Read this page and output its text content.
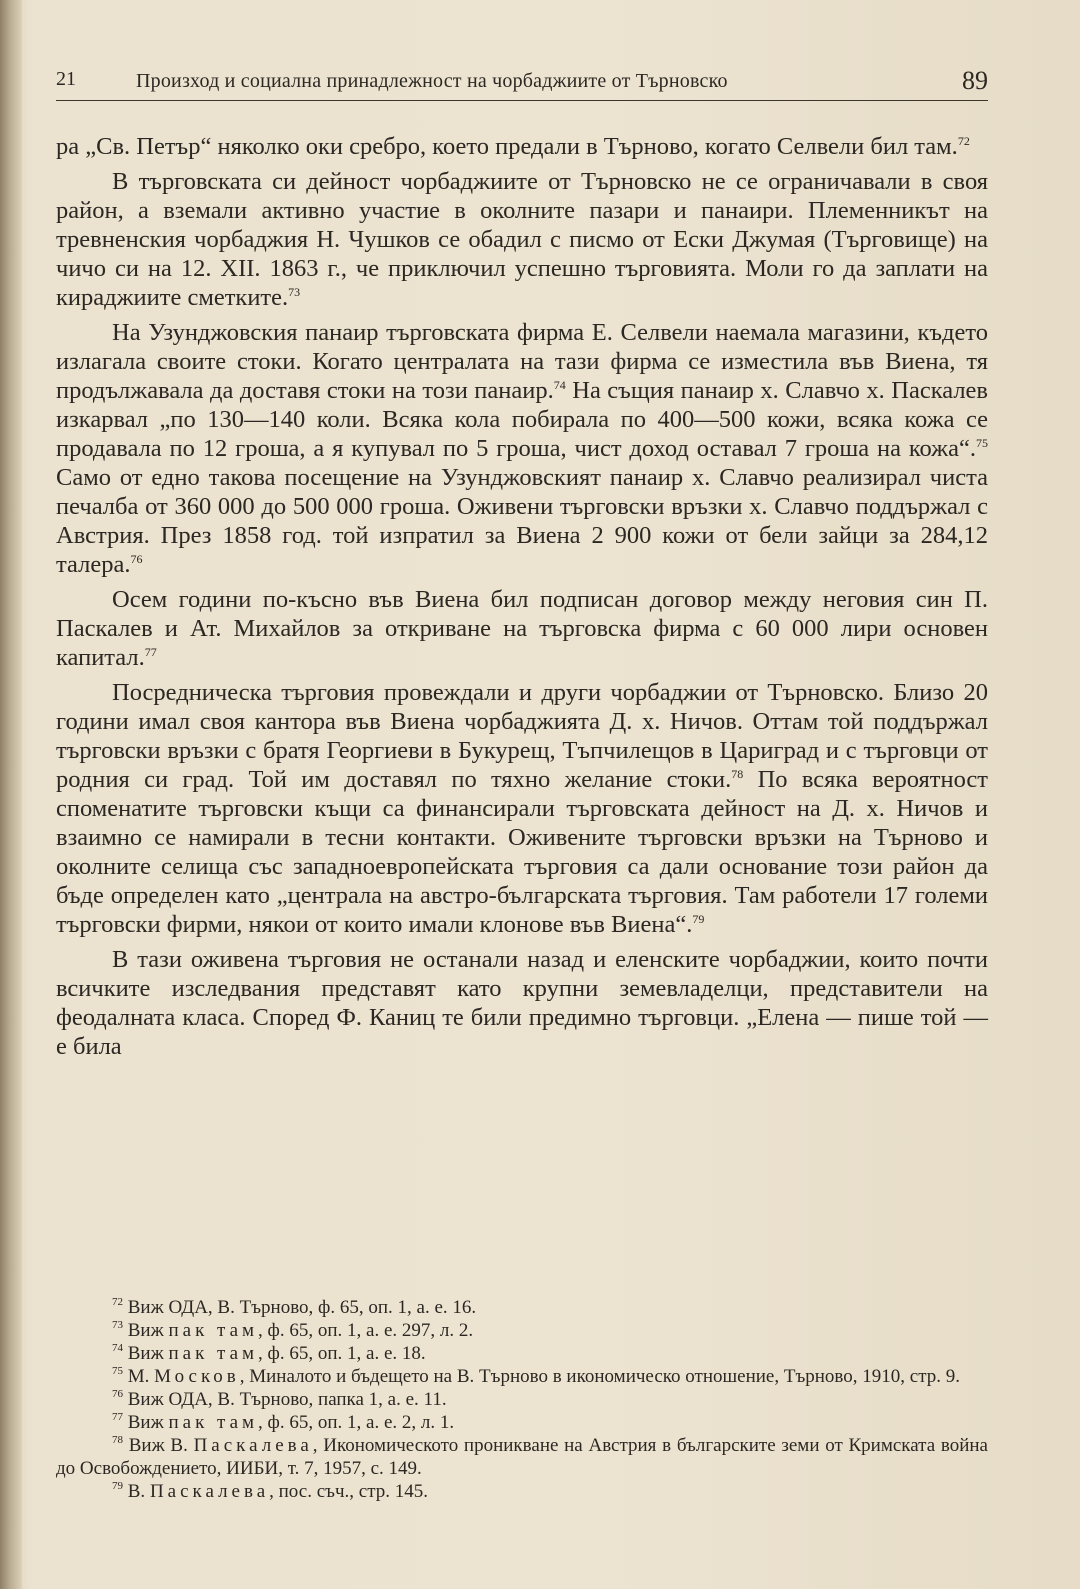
21	Произход и социална принадлежност на чорбаджиите от Търновско	89

ра „Св. Петър“ няколко оки сребро, което предали в Търново, когато Селвели бил там.$^{72}$

В търговската си дейност чорбаджиите от Търновско не се ограничавали в своя район, а вземали активно участие в околните пазари и панаири. Племенникът на тревненския чорбаджия Н. Чушков се обадил с писмо от Ески Джумая (Търговище) на чичо си на 12. XII. 1863 г., че приключил успешно търговията. Моли го да заплати на кираджиите сметките.$^{73}$

На Узунджовския панаир търговската фирма Е. Селвели наемала магазини, където излагала своите стоки. Когато централата на тази фирма се изместила във Виена, тя продължавала да доставя стоки на този панаир.$^{74}$ На същия панаир х. Славчо х. Паскалев изкарвал „по 130—140 коли. Всяка кола побирала по 400—500 кожи, всяка кожа се продавала по 12 гроша, а я купувал по 5 гроша, чист доход оставал 7 гроша на кожа“.$^{75}$ Само от едно такова посещение на Узунджовският панаир х. Славчо реализирал чиста печалба от 360 000 до 500 000 гроша. Оживени търговски връзки х. Славчо поддържал с Австрия. През 1858 год. той изпратил за Виена 2 900 кожи от бели зайци за 284,12 талера.$^{76}$

Осем години по-късно във Виена бил подписан договор между неговия син П. Паскалев и Ат. Михайлов за откриване на търговска фирма с 60 000 лири основен капитал.$^{77}$

Посредническа търговия провеждали и други чорбаджии от Търновско. Близо 20 години имал своя кантора във Виена чорбаджията Д. х. Ничов. Оттам той поддържал търговски връзки с братя Георгиеви в Букурещ, Тъпчилещов в Цариград и с търговци от родния си град. Той им доставял по тяхно желание стоки.$^{78}$ По всяка вероятност споменатите търговски къщи са финансирали търговската дейност на Д. х. Ничов и взаимно се намирали в тесни контакти. Оживените търговски връзки на Търново и околните селища със западноевропейската търговия са дали основание този район да бъде определен като „централа на австро-българската търговия. Там работели 17 големи търговски фирми, някои от които имали клонове във Виена“.$^{79}$

В тази оживена търговия не останали назад и еленските чорбаджии, които почти всичките изследвания представят като крупни земевладелци, представители на феодалната класа. Според Ф. Каниц те били предимно търговци. „Елена — пише той — е била

$^{72}$ Виж ОДА, В. Търново, ф. 65, оп. 1, а. е. 16.

$^{73}$ Виж пак там, ф. 65, оп. 1, а. е. 297, л. 2.

$^{74}$ Виж пак там, ф. 65, оп. 1, а. е. 18.

$^{75}$ М. Москов, Миналото и бъдещето на В. Търново в икономическо отношение, Търново, 1910, стр. 9.

$^{76}$ Виж ОДА, В. Търново, папка 1, а. е. 11.

$^{77}$ Виж пак там, ф. 65, оп. 1, а. е. 2, л. 1.

$^{78}$ Виж В. Паскалева, Икономическото проникване на Австрия в българските земи от Кримската война до Освобождението, ИИБИ, т. 7, 1957, с. 149.

$^{79}$ В. Паскалева, пос. съч., стр. 145.
